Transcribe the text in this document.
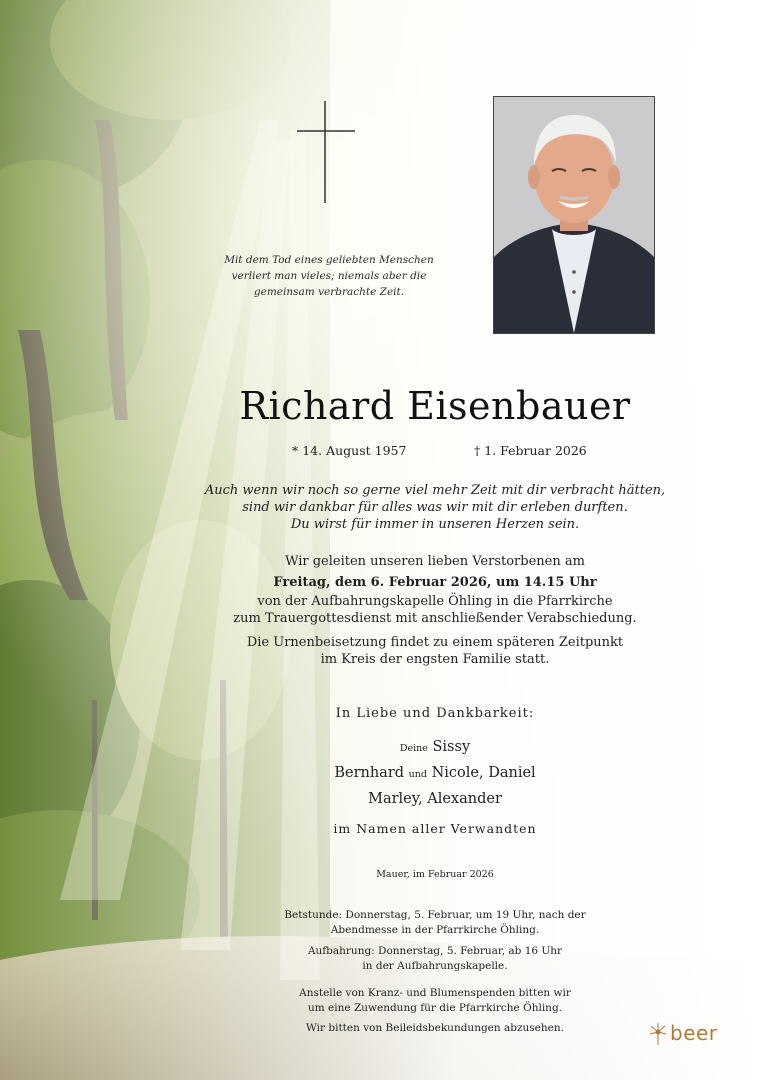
Mit dem Tod eines geliebten Menschen
verliert man vieles; niemals aber die
gemeinsam verbrachte Zeit.
Richard Eisenbauer
* 14. August 1957	† 1. Februar 2026
Auch wenn wir noch so gerne viel mehr Zeit mit dir verbracht hätten,
sind wir dankbar für alles was wir mit dir erleben durften.
Du wirst für immer in unseren Herzen sein.
Wir geleiten unseren lieben Verstorbenen am
Freitag, dem 6. Februar 2026, um 14.15 Uhr
von der Aufbahrungskapelle Öhling in die Pfarrkirche
zum Trauergottesdienst mit anschließender Verabschiedung.
Die Urnenbeisetzung findet zu einem späteren Zeitpunkt
im Kreis der engsten Familie statt.
In Liebe und Dankbarkeit:
Deine Sissy
Bernhard und Nicole, Daniel
Marley, Alexander
im Namen aller Verwandten
Mauer, im Februar 2026
Betstunde: Donnerstag, 5. Februar, um 19 Uhr, nach der
Abendmesse in der Pfarrkirche Öhling.
Aufbahrung: Donnerstag, 5. Februar, ab 16 Uhr
in der Aufbahrungskapelle.
Anstelle von Kranz- und Blumenspenden bitten wir
um eine Zuwendung für die Pfarrkirche Öhling.
Wir bitten von Beileidsbekundungen abzusehen.	beer
